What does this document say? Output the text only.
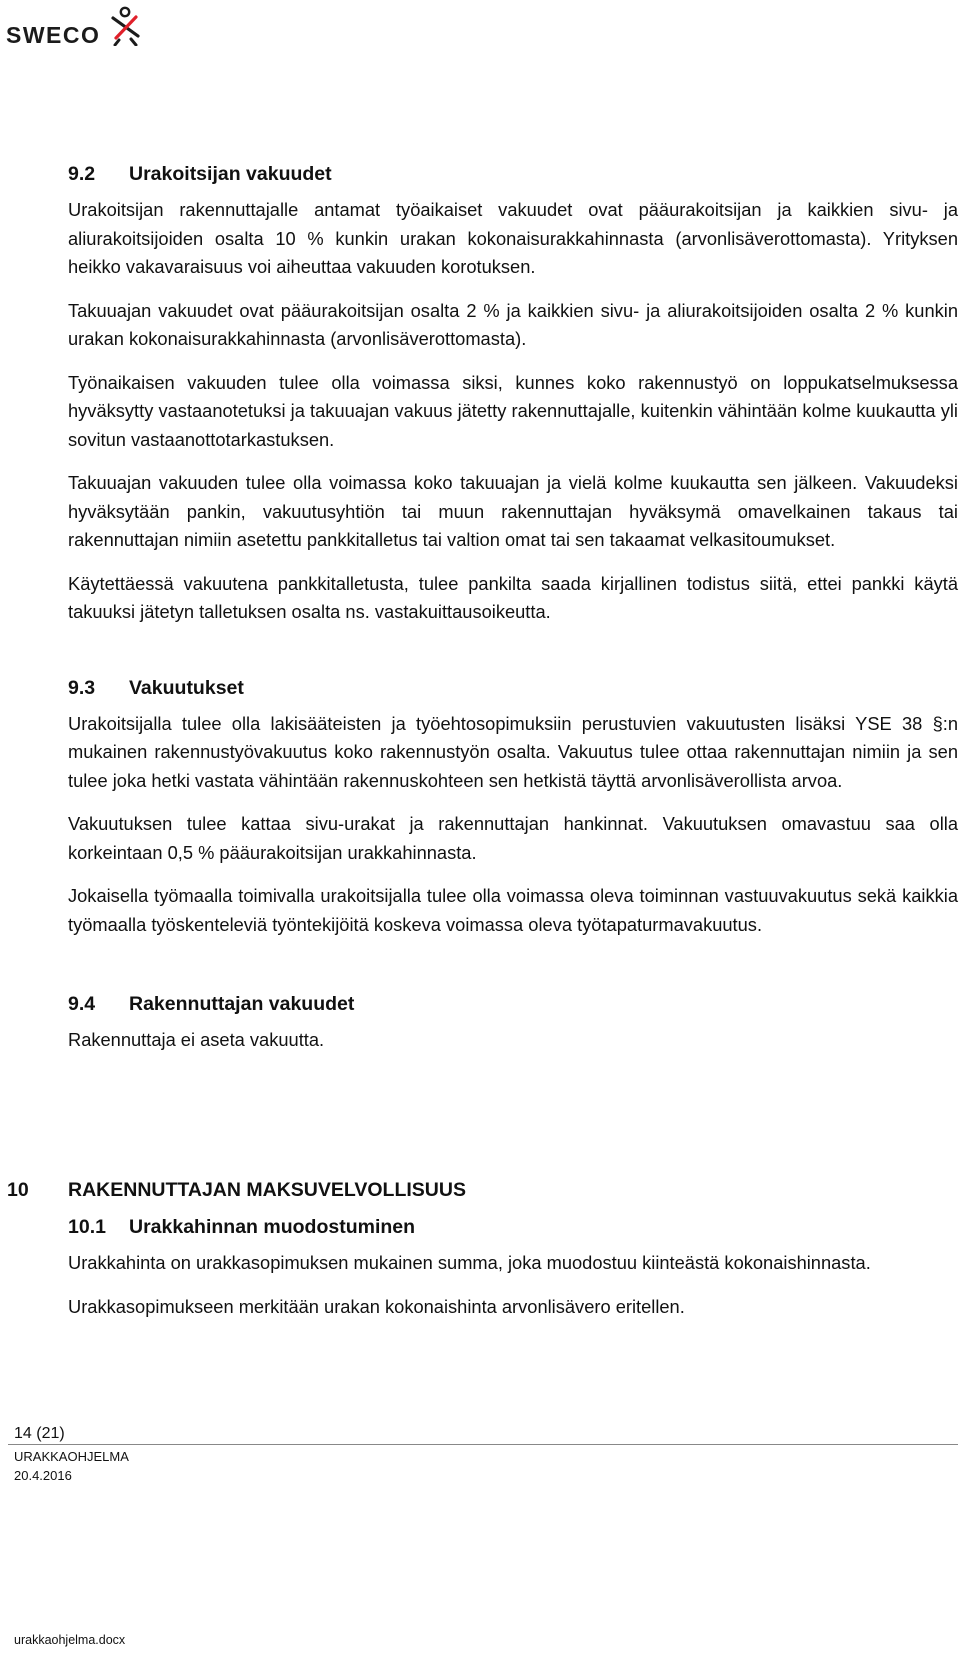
SWECO
9.2 Urakoitsijan vakuudet

Urakoitsijan rakennuttajalle antamat työaikaiset vakuudet ovat pääurakoitsijan ja kaikkien sivu- ja aliurakoitsijoiden osalta 10 % kunkin urakan kokonaisurakkahinnasta (arvonlisäverottomasta). Yrityksen heikko vakavaraisuus voi aiheuttaa vakuuden korotuksen.

Takuuajan vakuudet ovat pääurakoitsijan osalta 2 % ja kaikkien sivu- ja aliurakoitsijoiden osalta 2 % kunkin urakan kokonaisurakkahinnasta (arvonlisäverottomasta).

Työnaikaisen vakuuden tulee olla voimassa siksi, kunnes koko rakennustyö on loppukatselmuksessa hyväksytty vastaanotetuksi ja takuuajan vakuus jätetty rakennuttajalle, kuitenkin vähintään kolme kuukautta yli sovitun vastaanottotarkastuksen.

Takuuajan vakuuden tulee olla voimassa koko takuuajan ja vielä kolme kuukautta sen jälkeen. Vakuudeksi hyväksytään pankin, vakuutusyhtiön tai muun rakennuttajan hyväksymä omavelkainen takaus tai rakennuttajan nimiin asetettu pankkitalletus tai valtion omat tai sen takaamat velkasitoumukset.

Käytettäessä vakuutena pankkitalletusta, tulee pankilta saada kirjallinen todistus siitä, ettei pankki käytä takuuksi jätetyn talletuksen osalta ns. vastakuittausoikeutta.

9.3 Vakuutukset

Urakoitsijalla tulee olla lakisääteisten ja työehtosopimuksiin perustuvien vakuutusten lisäksi YSE 38 §:n mukainen rakennustyövakuutus koko rakennustyön osalta. Vakuutus tulee ottaa rakennuttajan nimiin ja sen tulee joka hetki vastata vähintään rakennuskohteen sen hetkistä täyttä arvonlisäverollista arvoa.

Vakuutuksen tulee kattaa sivu-urakat ja rakennuttajan hankinnat. Vakuutuksen omavastuu saa olla korkeintaan 0,5 % pääurakoitsijan urakkahinnasta.

Jokaisella työmaalla toimivalla urakoitsijalla tulee olla voimassa oleva toiminnan vastuuvakuutus sekä kaikkia työmaalla työskenteleviä työntekijöitä koskeva voimassa oleva työtapaturmavakuutus.

9.4 Rakennuttajan vakuudet

Rakennuttaja ei aseta vakuutta.

10 RAKENNUTTAJAN MAKSUVELVOLLISUUS
10.1 Urakkahinnan muodostuminen

Urakkahinta on urakkasopimuksen mukainen summa, joka muodostuu kiinteästä kokonaishinnasta.

Urakkasopimukseen merkitään urakan kokonaishinta arvonlisävero eritellen.

14 (21)
URAKKAOHJELMA
20.4.2016
urakkaohjelma.docx
